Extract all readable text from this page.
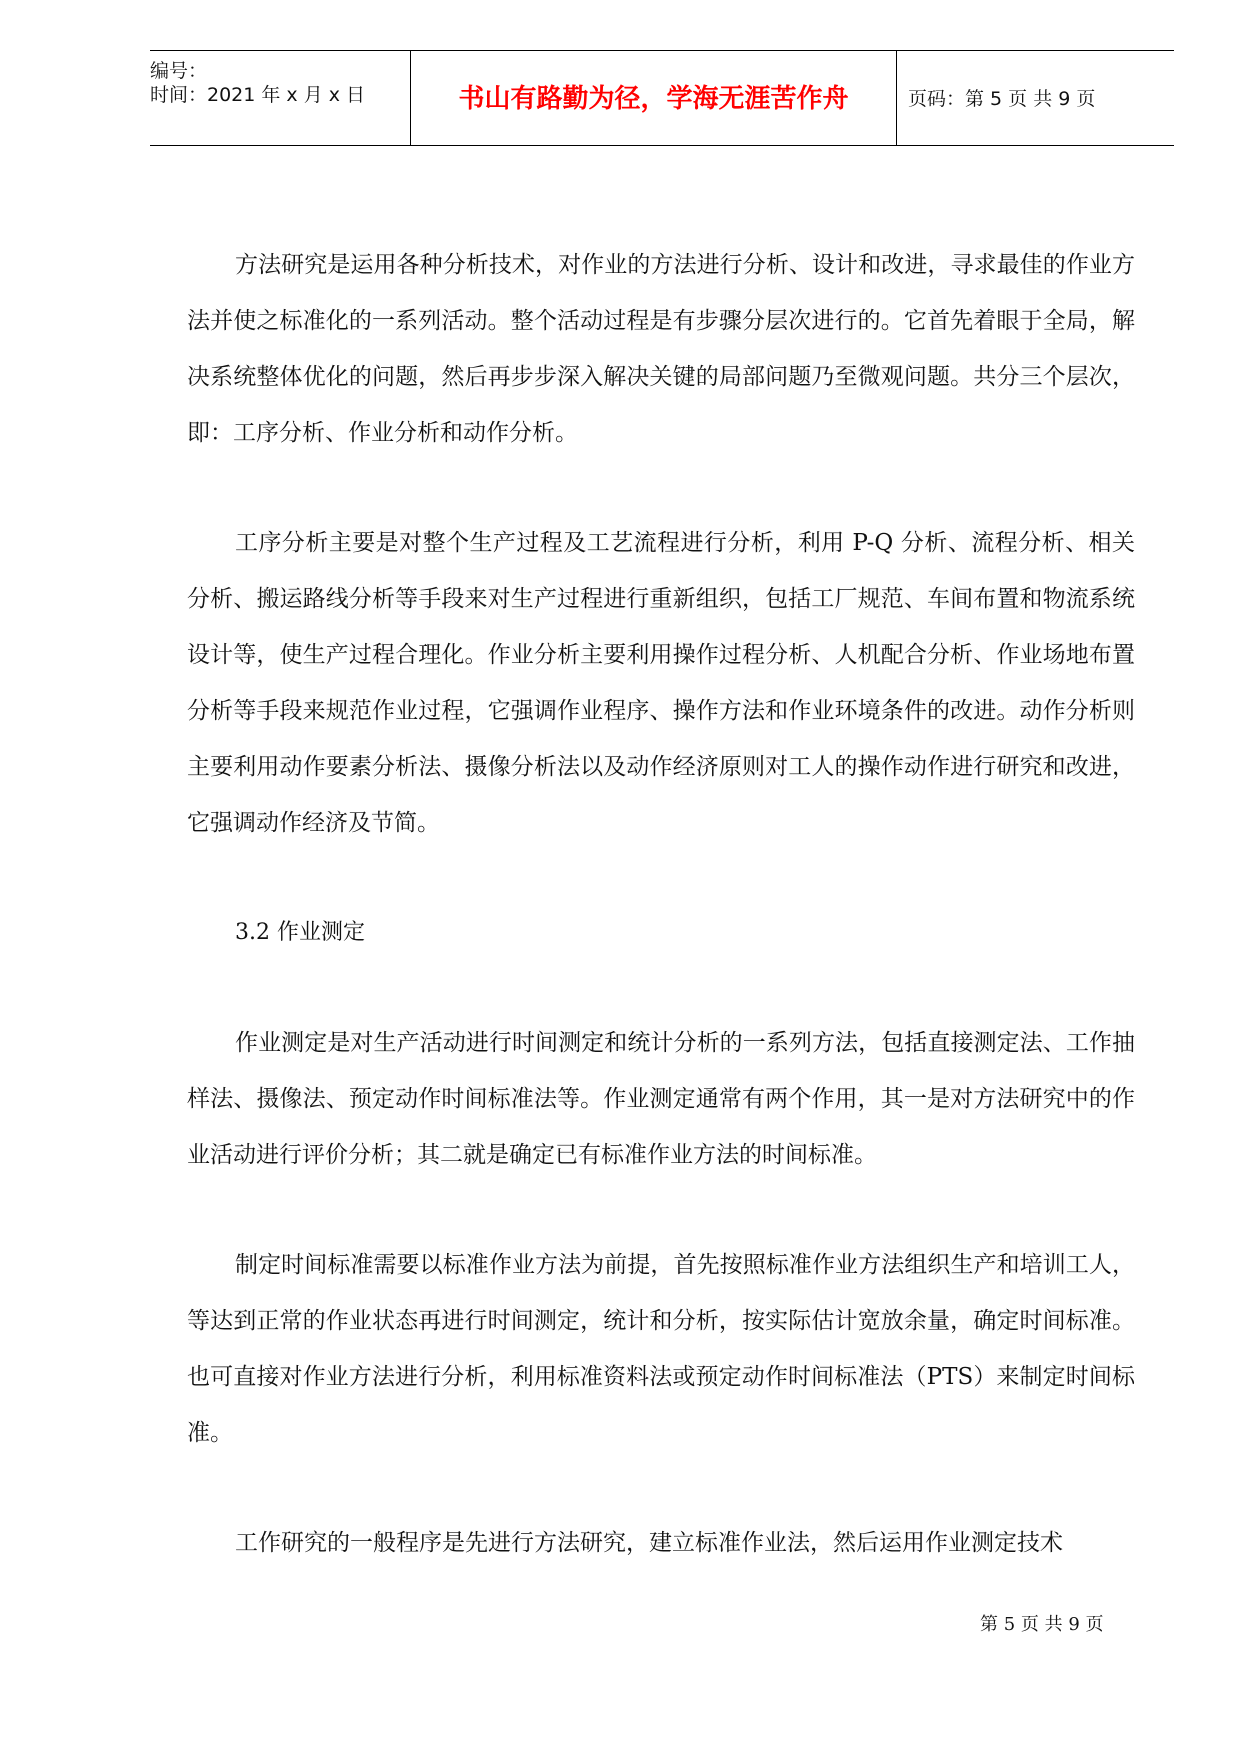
编号：
时间：2021 年 x 月 x 日	书山有路勤为径，学海无涯苦作舟	页码：第 5 页 共 9 页

方法研究是运用各种分析技术，对作业的方法进行分析、设计和改进，寻求最佳的作业方法并使之标准化的一系列活动。整个活动过程是有步骤分层次进行的。它首先着眼于全局，解决系统整体优化的问题，然后再步步深入解决关键的局部问题乃至微观问题。共分三个层次，即：工序分析、作业分析和动作分析。

工序分析主要是对整个生产过程及工艺流程进行分析，利用 P-Q 分析、流程分析、相关分析、搬运路线分析等手段来对生产过程进行重新组织，包括工厂规范、车间布置和物流系统设计等，使生产过程合理化。作业分析主要利用操作过程分析、人机配合分析、作业场地布置分析等手段来规范作业过程，它强调作业程序、操作方法和作业环境条件的改进。动作分析则主要利用动作要素分析法、摄像分析法以及动作经济原则对工人的操作动作进行研究和改进，它强调动作经济及节简。

3.2 作业测定

作业测定是对生产活动进行时间测定和统计分析的一系列方法，包括直接测定法、工作抽样法、摄像法、预定动作时间标准法等。作业测定通常有两个作用，其一是对方法研究中的作业活动进行评价分析；其二就是确定已有标准作业方法的时间标准。

制定时间标准需要以标准作业方法为前提，首先按照标准作业方法组织生产和培训工人，等达到正常的作业状态再进行时间测定，统计和分析，按实际估计宽放余量，确定时间标准。也可直接对作业方法进行分析，利用标准资料法或预定动作时间标准法（PTS）来制定时间标准。

工作研究的一般程序是先进行方法研究，建立标准作业法，然后运用作业测定技术

第 5 页 共 9 页
